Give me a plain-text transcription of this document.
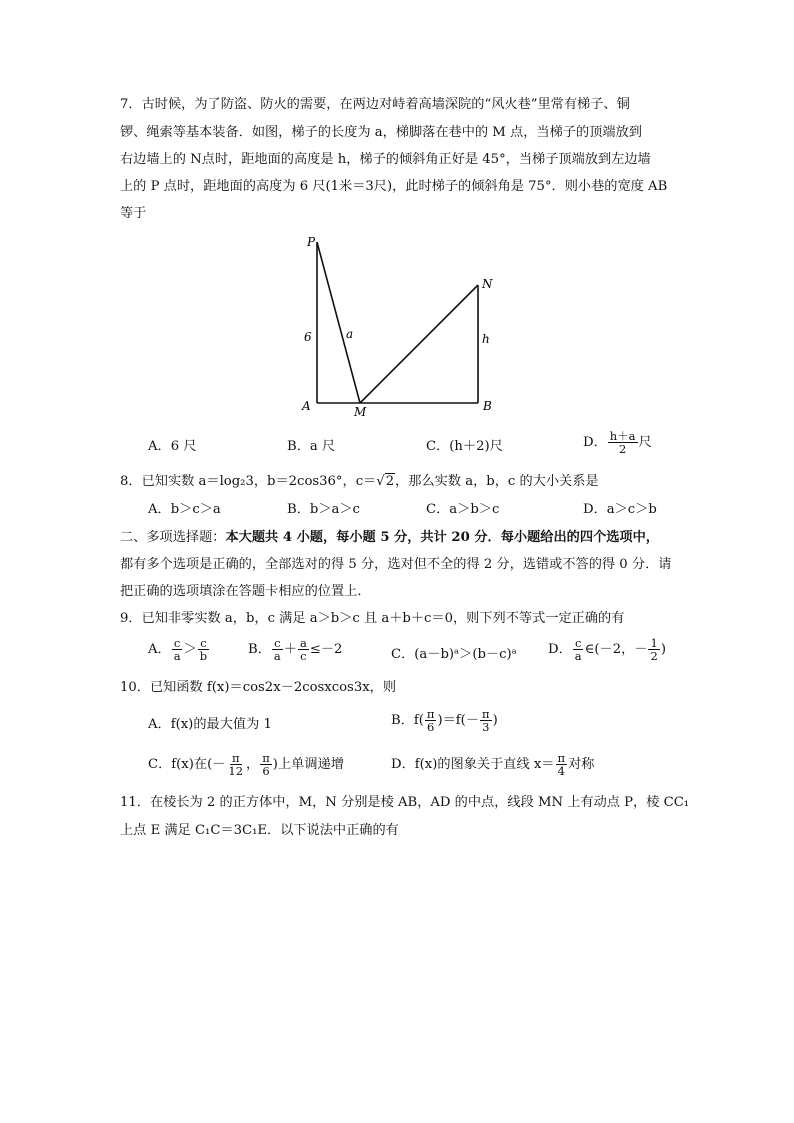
7．古时候，为了防盗、防火的需要，在两边对峙着高墙深院的“风火巷”里常有梯子、铜
锣、绳索等基本装备．如图，梯子的长度为 a，梯脚落在巷中的 M 点，当梯子的顶端放到
右边墙上的 N点时，距地面的高度是 h，梯子的倾斜角正好是 45°，当梯子顶端放到左边墙
上的 P 点时，距地面的高度为 6 尺(1米＝3尺)，此时梯子的倾斜角是 75°．则小巷的宽度 AB
等于
P
N
A	M	B
6	a	h
A．6 尺	B．a 尺	C．(h＋2)尺	D． $\frac{h+a}{2}$ 尺
8．已知实数 a＝log₂3，b＝2cos36°，c＝√2，那么实数 a，b，c 的大小关系是
A．b＞c＞a	B．b＞a＞c	C．a＞b＞c	D．a＞c＞b
二、多项选择题：本大题共 4 小题，每小题 5 分，共计 20 分．每小题给出的四个选项中，
都有多个选项是正确的，全部选对的得 5 分，选对但不全的得 2 分，选错或不答的得 0 分．请
把正确的选项填涂在答题卡相应的位置上．
9．已知非零实数 a，b，c 满足 a＞b＞c 且 a＋b＋c＝0，则下列不等式一定正确的有
A． $\frac{c}{a} > \frac{c}{b}$	B． $\frac{c}{a} + \frac{a}{c} \le-2$	C．(a－b)ᵃ＞(b－c)ᵃ D． $\frac{c}{a}$ ∈(－2，－ $\frac{1}{2}$ )
10．已知函数 f(x)＝cos2x－2cosxcos3x，则
A．f(x)的最大值为 1	B．$f( \frac{\pi}{6} )=f(- \frac{\pi}{3}$ )
C．f(x)在(－ $\frac{\pi}{12}$ ， $\frac{\pi}{6}$ )上单调递增	D．f(x)的图象关于直线 $x= \frac{\pi}{4}$ 对称
11．在棱长为 2 的正方体中，M，N 分别是棱 AB，AD 的中点，线段 MN 上有动点 P，棱 CC₁
上点 E 满足 C₁C＝3C₁E．以下说法中正确的有
